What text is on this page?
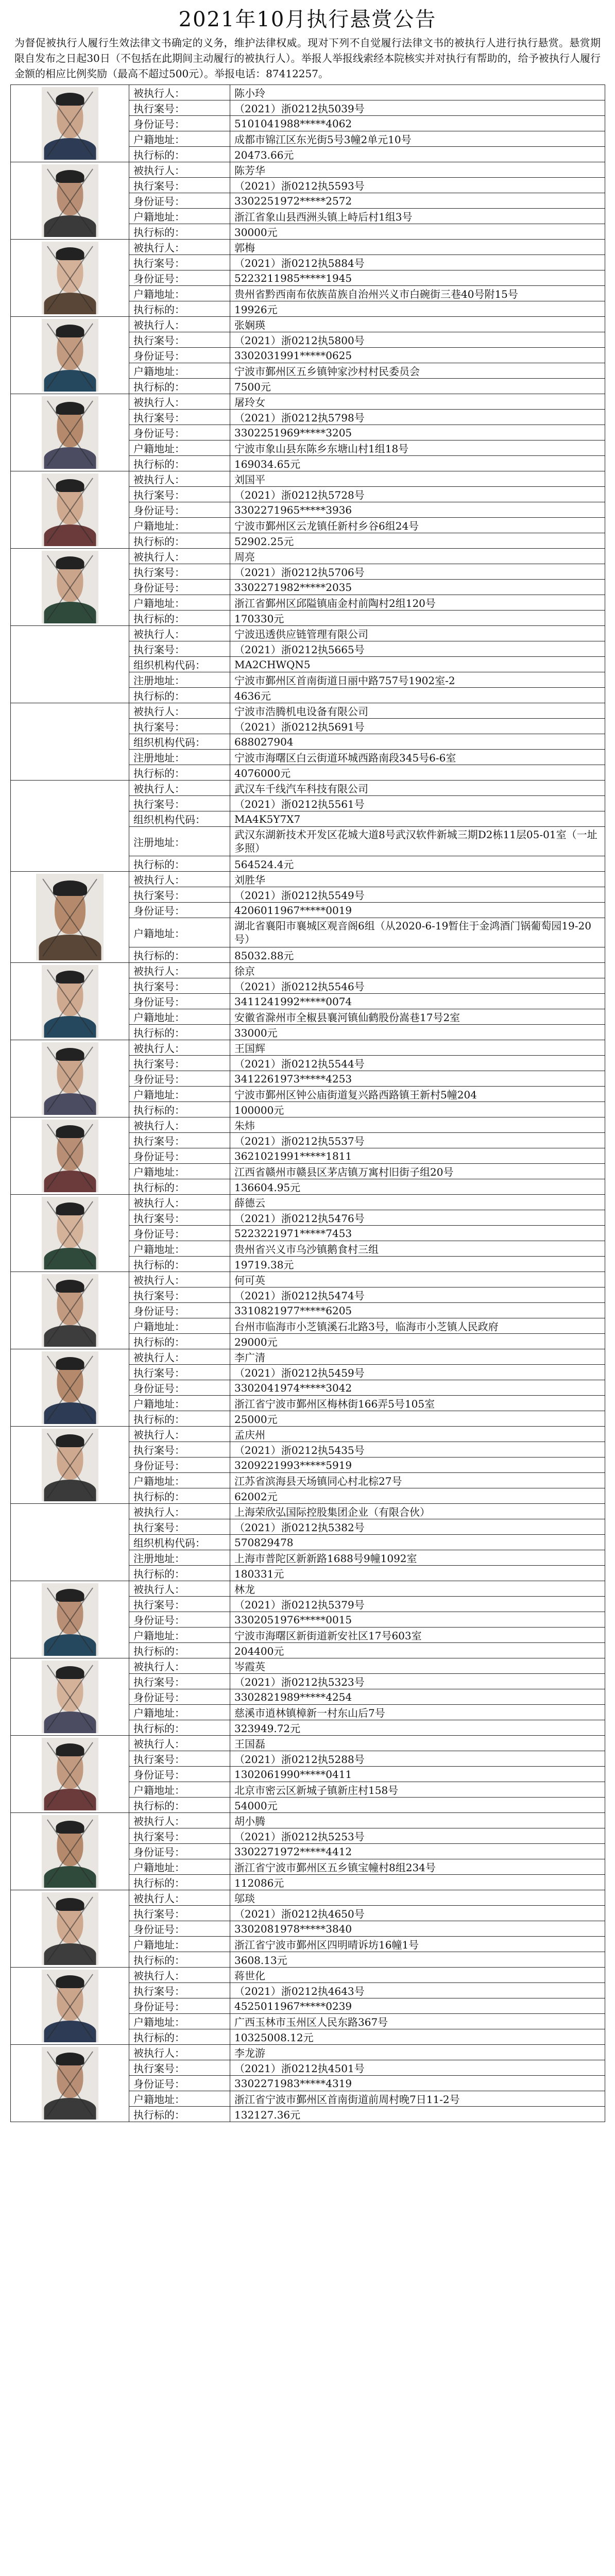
2021年10月执行悬赏公告

为督促被执行人履行生效法律文书确定的义务，维护法律权威。现对下列不自觉履行法律文书的被执行人进行执行悬赏。悬赏期限自发布之日起30日（不包括在此期间主动履行的被执行人）。举报人举报线索经本院核实并对执行有帮助的，给予被执行人履行金额的相应比例奖励（最高不超过500元）。举报电话：87412257。

	被执行人：	陈小玲
	执行案号：	（2021）浙0212执5039号
	身份证号：	5101041988*****4062
	户籍地址：	成都市锦江区东光街5号3幢2单元10号
	执行标的：	20473.66元

	被执行人：	陈芳华
	执行案号：	（2021）浙0212执5593号
	身份证号：	3302251972*****2572
	户籍地址：	浙江省象山县西洲头镇上峙后村1组3号
	执行标的：	30000元

	被执行人：	郭梅
	执行案号：	（2021）浙0212执5884号
	身份证号：	5223211985*****1945
	户籍地址：	贵州省黔西南布依族苗族自治州兴义市白碗街三巷40号附15号
	执行标的：	19926元

	被执行人：	张娴瑛
	执行案号：	（2021）浙0212执5800号
	身份证号：	3302031991*****0625
	户籍地址：	宁波市鄞州区五乡镇钟家沙村村民委员会
	执行标的：	7500元

	被执行人：	屠玲女
	执行案号：	（2021）浙0212执5798号
	身份证号：	3302251969*****3205
	户籍地址：	宁波市象山县东陈乡东塘山村1组18号
	执行标的：	169034.65元

	被执行人：	刘国平
	执行案号：	（2021）浙0212执5728号
	身份证号：	3302271965*****3936
	户籍地址：	宁波市鄞州区云龙镇任新村乡谷6组24号
	执行标的：	52902.25元

	被执行人：	周亮
	执行案号：	（2021）浙0212执5706号
	身份证号：	3302271982*****2035
	户籍地址：	浙江省鄞州区邱隘镇庙金村前陶村2组120号
	执行标的：	170330元
	被执行人：	宁波迅透供应链管理有限公司
	执行案号：	（2021）浙0212执5665号
	组织机构代码：	MA2CHWQN5
	注册地址：	宁波市鄞州区首南街道日丽中路757号1902室-2
	执行标的：	4636元
	被执行人：	宁波市浩腾机电设备有限公司
	执行案号：	（2021）浙0212执5691号
	组织机构代码：	688027904
	注册地址：	宁波市海曙区白云街道环城西路南段345号6-6室
	执行标的：	4076000元
	被执行人：	武汉车千线汽车科技有限公司
	执行案号：	（2021）浙0212执5561号
	组织机构代码：	MA4K5Y7X7
	注册地址：	武汉东湖新技术开发区花城大道8号武汉软件新城三期D2栋11层05-01室（一址多照）
	执行标的：	564524.4元

	被执行人：	刘胜华
	执行案号：	（2021）浙0212执5549号
	身份证号：	4206011967*****0019
	户籍地址：	湖北省襄阳市襄城区观音阁6组（从2020-6-19暂住于金鸿酒门锅葡萄园19-20号）
	执行标的：	85032.88元

	被执行人：	徐京
	执行案号：	（2021）浙0212执5546号
	身份证号：	3411241992*****0074
	户籍地址：	安徽省滁州市全椒县襄河镇仙鹤股份嵩巷17号2室
	执行标的：	33000元

	被执行人：	王国辉
	执行案号：	（2021）浙0212执5544号
	身份证号：	3412261973*****4253
	户籍地址：	宁波市鄞州区钟公庙街道复兴路西路镇王新村5幢204
	执行标的：	100000元

	被执行人：	朱炜
	执行案号：	（2021）浙0212执5537号
	身份证号：	3621021991*****1811
	户籍地址：	江西省赣州市赣县区茅店镇万寓村旧街子组20号
	执行标的：	136604.95元

	被执行人：	薛德云
	执行案号：	（2021）浙0212执5476号
	身份证号：	5223221971*****7453
	户籍地址：	贵州省兴义市乌沙镇鹅食村三组
	执行标的：	19719.38元

	被执行人：	何可英
	执行案号：	（2021）浙0212执5474号
	身份证号：	3310821977*****6205
	户籍地址：	台州市临海市小芝镇溪石北路3号，临海市小芝镇人民政府
	执行标的：	29000元

	被执行人：	李广清
	执行案号：	（2021）浙0212执5459号
	身份证号：	3302041974*****3042
	户籍地址：	浙江省宁波市鄞州区梅林街166弄5号105室
	执行标的：	25000元

	被执行人：	孟庆州
	执行案号：	（2021）浙0212执5435号
	身份证号：	3209221993*****5919
	户籍地址：	江苏省滨海县天场镇同心村北棕27号
	执行标的：	62002元
	被执行人：	上海荣欣弘国际控股集团企业（有限合伙）
	执行案号：	（2021）浙0212执5382号
	组织机构代码：	570829478
	注册地址：	上海市普陀区新新路1688号9幢1092室
	执行标的：	180331元

	被执行人：	林龙
	执行案号：	（2021）浙0212执5379号
	身份证号：	3302051976*****0015
	户籍地址：	宁波市海曙区新街道新安社区17号603室
	执行标的：	204400元

	被执行人：	岑霞英
	执行案号：	（2021）浙0212执5323号
	身份证号：	3302821989*****4254
	户籍地址：	慈溪市逍林镇樟新一村东山后7号
	执行标的：	323949.72元

	被执行人：	王国磊
	执行案号：	（2021）浙0212执5288号
	身份证号：	1302061990*****0411
	户籍地址：	北京市密云区新城子镇新庄村158号
	执行标的：	54000元

	被执行人：	胡小腾
	执行案号：	（2021）浙0212执5253号
	身份证号：	3302271972*****4412
	户籍地址：	浙江省宁波市鄞州区五乡镇宝幢村8组234号
	执行标的：	112086元

	被执行人：	邬琰
	执行案号：	（2021）浙0212执4650号
	身份证号：	3302081978*****3840
	户籍地址：	浙江省宁波市鄞州区四明晴诉坊16幢1号
	执行标的：	3608.13元

	被执行人：	蒋世化
	执行案号：	（2021）浙0212执4643号
	身份证号：	4525011967*****0239
	户籍地址：	广西玉林市玉州区人民东路367号
	执行标的：	10325008.12元

	被执行人：	李龙游
	执行案号：	（2021）浙0212执4501号
	身份证号：	3302271983*****4319
	户籍地址：	浙江省宁波市鄞州区首南街道前周村晚7日11-2号
	执行标的：	132127.36元
